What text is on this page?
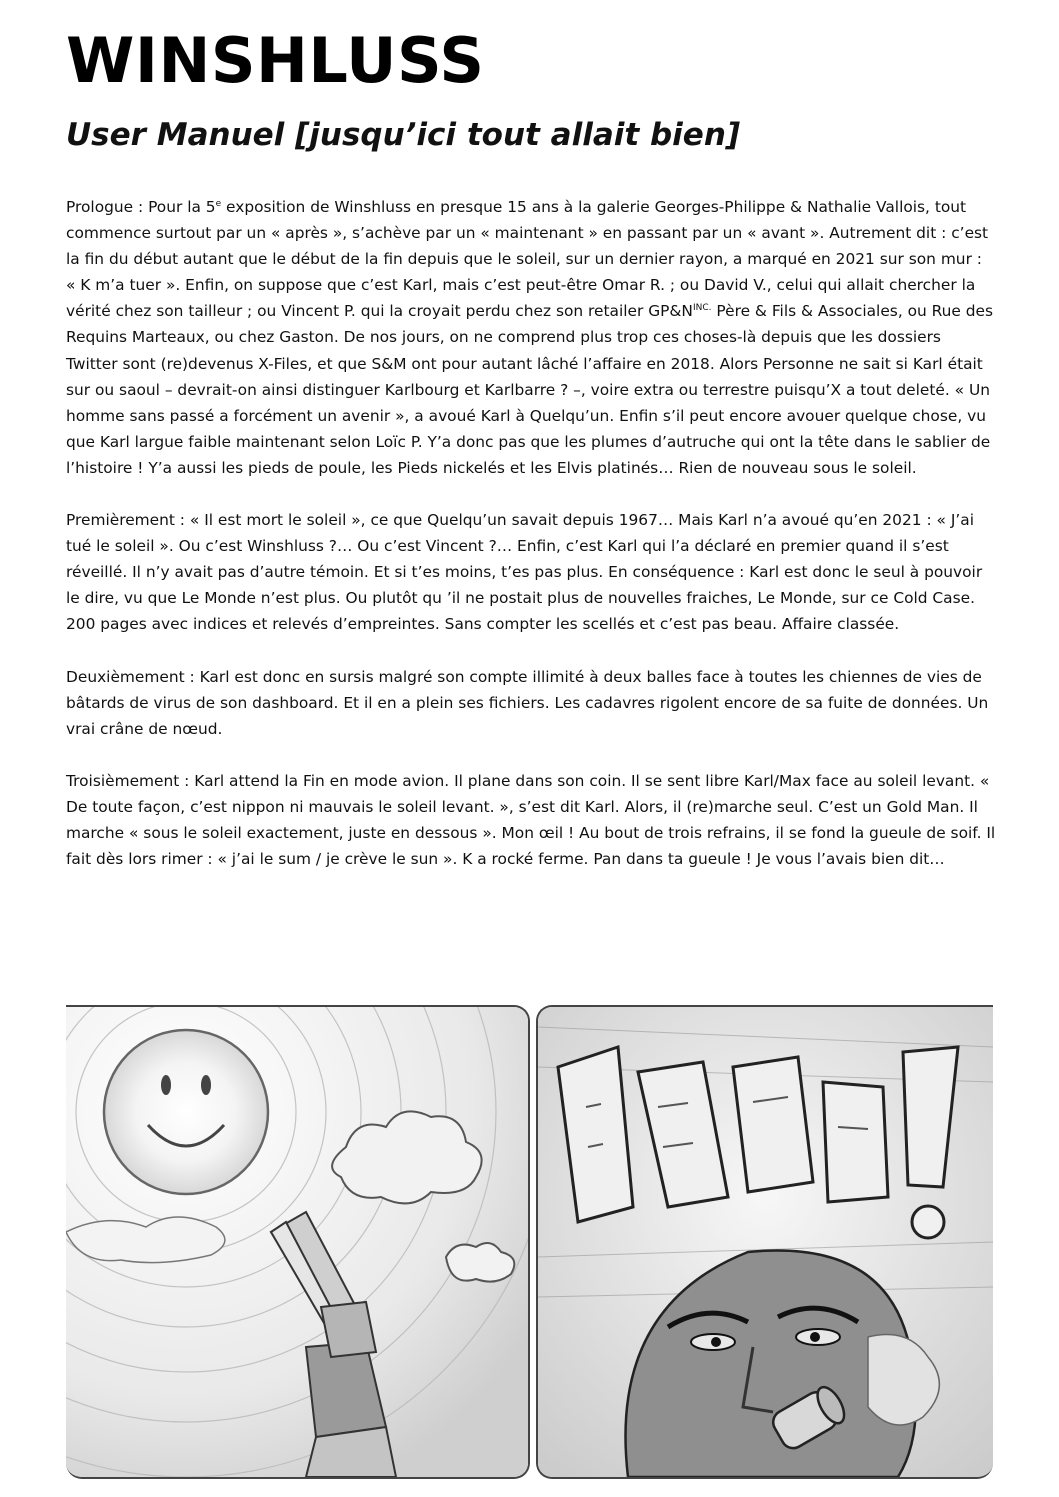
WINSHLUSS
User Manuel [jusqu’ici tout allait bien]

Prologue : Pour la 5e exposition de Winshluss en presque 15 ans à la galerie Georges-Philippe & Nathalie Vallois, tout commence surtout par un « après », s’achève par un « maintenant » en passant par un « avant ». Autrement dit : c’est la fin du début autant que le début de la fin depuis que le soleil, sur un dernier rayon, a marqué en 2021 sur son mur : « K m’a tuer ». Enfin, on suppose que c’est Karl, mais c’est peut-être Omar R. ; ou David V., celui qui allait chercher la vérité chez son tailleur ; ou Vincent P. qui la croyait perdu chez son retailer $GP\&N^{INC.}$ Père & Fils & Associales, ou Rue des Requins Marteaux, ou chez Gaston. De nos jours, on ne comprend plus trop ces choses-là depuis que les dossiers Twitter sont (re)devenus X-Files, et que S&M ont pour autant lâché l’affaire en 2018. Alors Personne ne sait si Karl était sur ou saoul – devrait-on ainsi distinguer Karlbourg et Karlbarre ? –, voire extra ou terrestre puisqu’X a tout deleté. « Un homme sans passé a forcément un avenir », a avoué Karl à Quelqu’un. Enfin s’il peut encore avouer quelque chose, vu que Karl largue faible maintenant selon Loïc P. Y’a donc pas que les plumes d’autruche qui ont la tête dans le sablier de l’histoire ! Y’a aussi les pieds de poule, les Pieds nickelés et les Elvis platinés… Rien de nouveau sous le soleil.

Premièrement : « Il est mort le soleil », ce que Quelqu’un savait depuis 1967… Mais Karl n’a avoué qu’en 2021 : « J’ai tué le soleil ». Ou c’est Winshluss ?… Ou c’est Vincent ?… Enfin, c’est Karl qui l’a déclaré en premier quand il s’est réveillé. Il n’y avait pas d’autre témoin. Et si t’es moins, t’es pas plus. En conséquence : Karl est donc le seul à pouvoir le dire, vu que Le Monde n’est plus. Ou plutôt qu ’il ne postait plus de nouvelles fraiches, Le Monde, sur ce Cold Case. 200 pages avec indices et relevés d’empreintes. Sans compter les scellés et c’est pas beau. Affaire classée.

Deuxièmement : Karl est donc en sursis malgré son compte illimité à deux balles face à toutes les chiennes de vies de bâtards de virus de son dashboard. Et il en a plein ses fichiers. Les cadavres rigolent encore de sa fuite de données. Un vrai crâne de nœud.

Troisièmement : Karl attend la Fin en mode avion. Il plane dans son coin. Il se sent libre Karl/Max face au soleil levant. « De toute façon, c’est nippon ni mauvais le soleil levant. », s’est dit Karl. Alors, il (re)marche seul. C’est un Gold Man. Il marche « sous le soleil exactement, juste en dessous ». Mon œil ! Au bout de trois refrains, il se fond la gueule de soif. Il fait dès lors rimer : « j’ai le sum / je crève le sun ». K a rocké ferme. Pan dans ta gueule ! Je vous l’avais bien dit…
